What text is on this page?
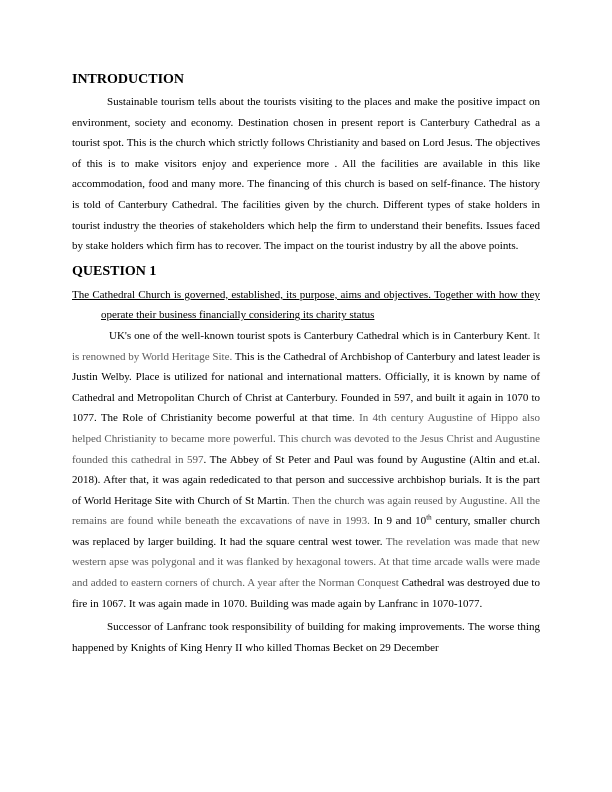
INTRODUCTION

Sustainable tourism tells about the tourists visiting to the places and make the positive impact on environment, society and economy. Destination chosen in present report is Canterbury Cathedral as a tourist spot. This is the church which strictly follows Christianity and based on Lord Jesus. The objectives of this is to make visitors enjoy and experience more . All the facilities are available in this like accommodation, food and many more. The financing of this church is based on self-finance. The history is told of Canterbury Cathedral. The facilities given by the church. Different types of stake holders in tourist industry the theories of stakeholders which help the firm to understand their benefits. Issues faced by stake holders which firm has to recover. The impact on the tourist industry by all the above points.

QUESTION 1

The Cathedral Church is governed, established, its purpose, aims and objectives. Together with how they operate their business financially considering its charity status

UK's one of the well-known tourist spots is Canterbury Cathedral which is in Canterbury Kent. It is renowned by World Heritage Site. This is the Cathedral of Archbishop of Canterbury and latest leader is Justin Welby. Place is utilized for national and international matters. Officially, it is known by name of Cathedral and Metropolitan Church of Christ at Canterbury. Founded in 597, and built it again in 1070 to 1077. The Role of Christianity become powerful at that time. In 4th century Augustine of Hippo also helped Christianity to became more powerful. This church was devoted to the Jesus Christ and Augustine founded this cathedral in 597. The Abbey of St Peter and Paul was found by Augustine (Altin and et.al. 2018). After that, it was again rededicated to that person and successive archbishop burials. It is the part of World Heritage Site with Church of St Martin. Then the church was again reused by Augustine. All the remains are found while beneath the excavations of nave in 1993. In 9 and 10th century, smaller church was replaced by larger building. It had the square central west tower. The revelation was made that new western apse was polygonal and it was flanked by hexagonal towers. At that time arcade walls were made and added to eastern corners of church. A year after the Norman Conquest Cathedral was destroyed due to fire in 1067. It was again made in 1070. Building was made again by Lanfranc in 1070-1077.

Successor of Lanfranc took responsibility of building for making improvements. The worse thing happened by Knights of King Henry II who killed Thomas Becket on 29 December
